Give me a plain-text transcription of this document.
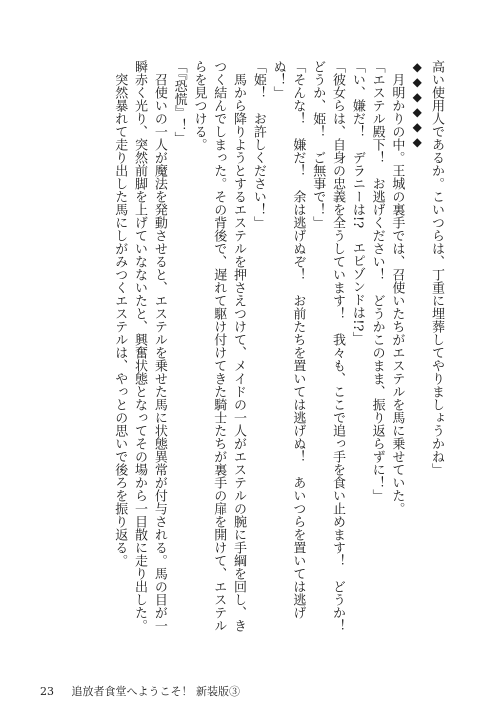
高い使用人であるか。こいつらは、丁重に埋葬してやりましょうかね」
◆◆◆◆◆◆
　月明かりの中。王城の裏手では、召使いたちがエステルを馬に乗せていた。
「エステル殿下！　お逃げください！　どうかこのまま、振り返らずに！」
「い、嫌だ！　デラニーは!?　エピゾンドは!?」
「彼女らは、自身の忠義を全うしています！　我々も、ここで追っ手を食い止めます！　どうか！
どうか、姫！　ご無事で！」
「そんな！　嫌だ！　余は逃げぬぞ！　お前たちを置いては逃げぬ！　あいつらを置いては逃げ
ぬ！」
「姫！　お許しください！」
　馬から降りようとするエステルを押さえつけて、メイドの一人がエステルの腕に手綱を回し、き
つく結んでしまった。その背後で、遅れて駆け付けてきた騎士たちが裏手の扉を開けて、エステル
らを見つける。
「『恐慌』！」
　召使いの一人が魔法を発動させると、エステルを乗せた馬に状態異常が付与される。馬の目が一
瞬赤く光り、突然前脚を上げていなないたと、興奮状態となってその場から一目散に走り出した。
　突然暴れて走り出した馬にしがみつくエステルは、やっとの思いで後ろを振り返る。
23 追放者食堂へようこそ！ 新装版③
